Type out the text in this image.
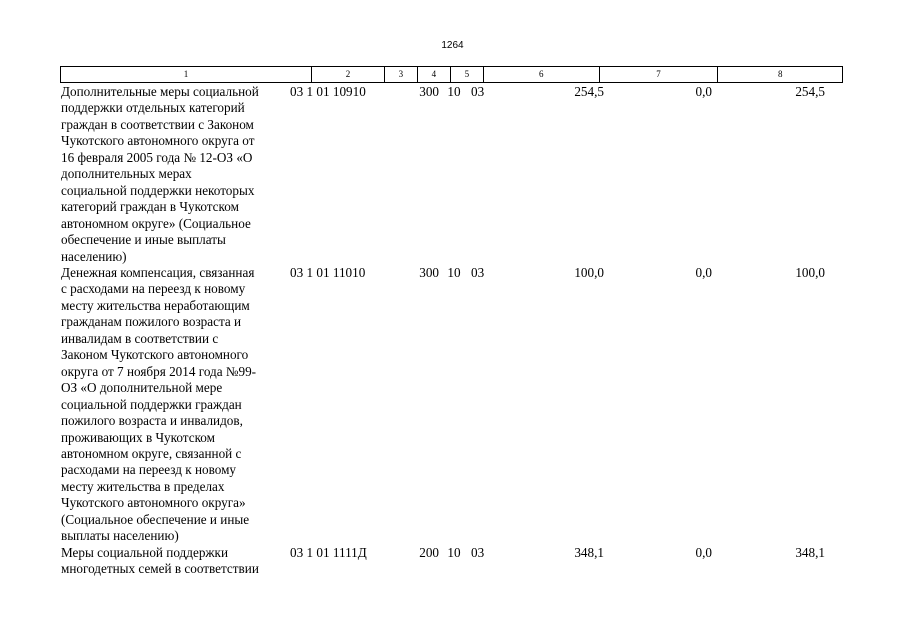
1264
1	2	3	4	5	6	7	8
Дополнительные меры социальной
поддержки отдельных категорий
граждан в соответствии с Законом
Чукотского автономного округа от
16 февраля 2005 года № 12-ОЗ «О
дополнительных мерах
социальной поддержки некоторых
категорий граждан в Чукотском
автономном округе» (Социальное
обеспечение и иные выплаты
населению)
03 1 01 10910	300 10 03	254,5	0,0	254,5
Денежная компенсация, связанная
с расходами на переезд к новому
месту жительства неработающим
гражданам пожилого возраста и
инвалидам в соответствии с
Законом Чукотского автономного
округа от 7 ноября 2014 года №99-
ОЗ «О дополнительной мере
социальной поддержки граждан
пожилого возраста и инвалидов,
проживающих в Чукотском
автономном округе, связанной с
расходами на переезд к новому
месту жительства в пределах
Чукотского автономного округа»
(Социальное обеспечение и иные
выплаты населению)
03 1 01 11010	300 10 03	100,0	0,0	100,0
Меры социальной поддержки
многодетных семей в соответствии
03 1 01 1111Д	200 10 03	348,1	0,0	348,1
